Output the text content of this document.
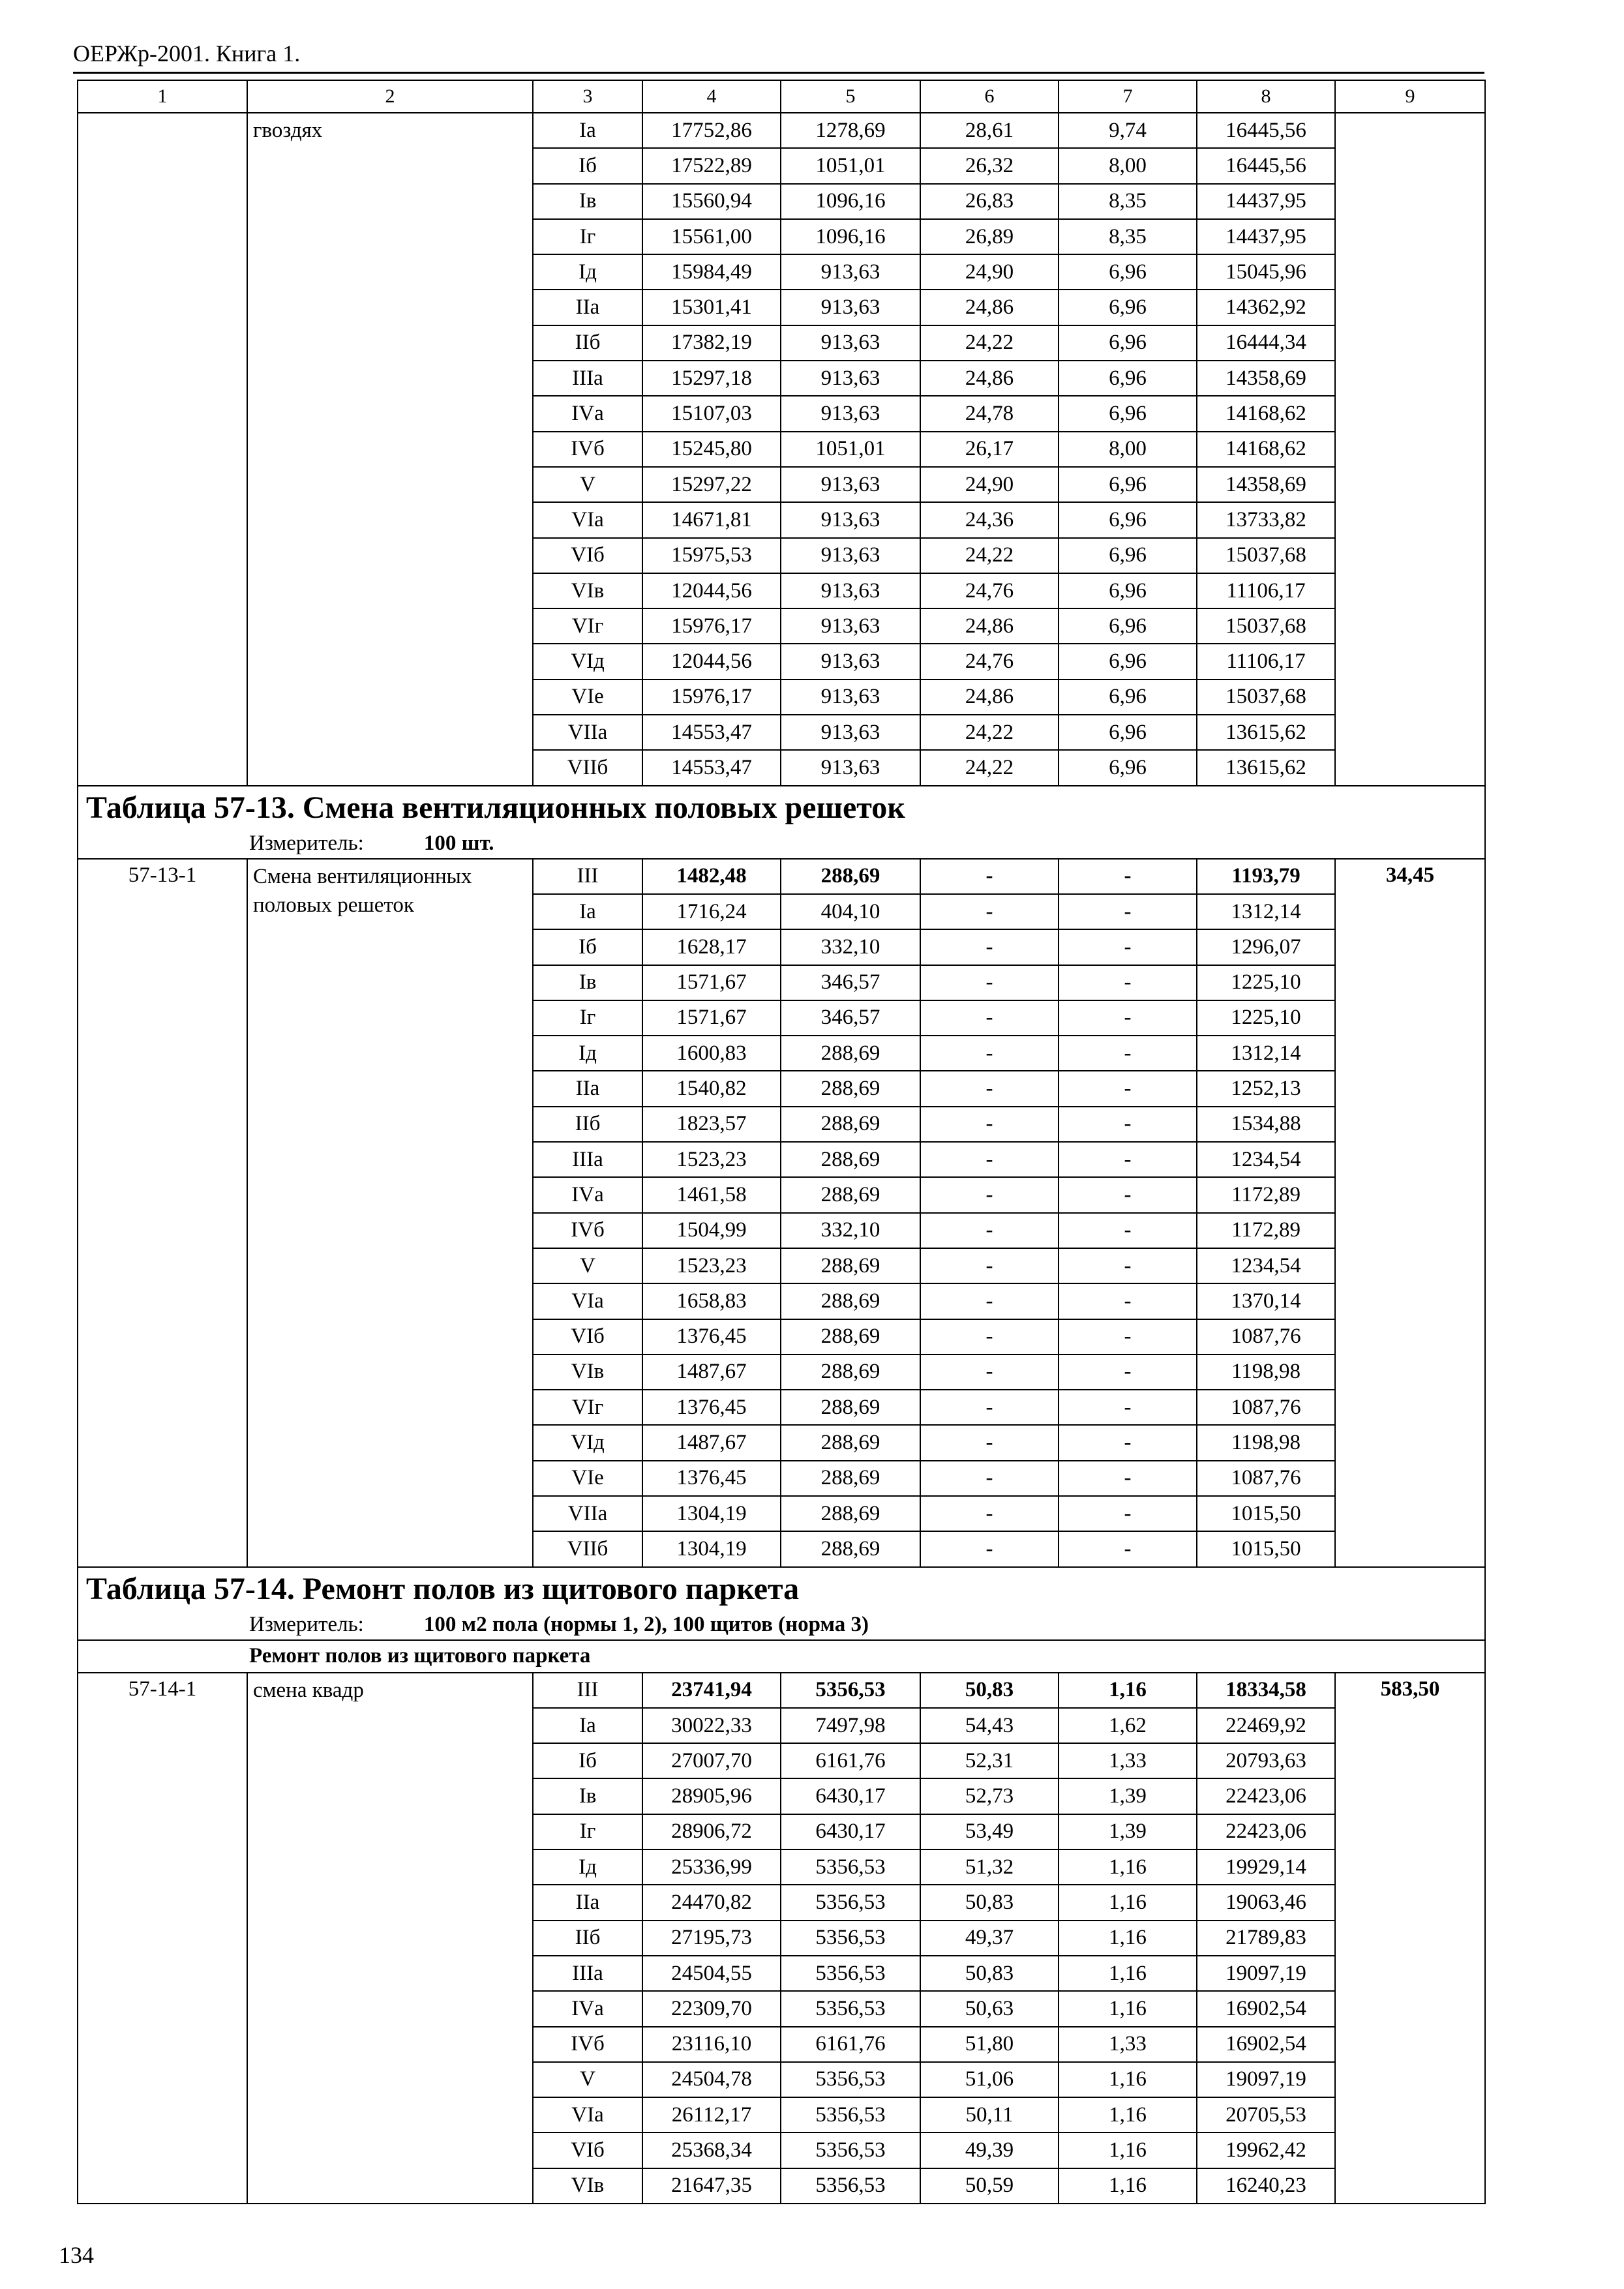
ОЕРЖр-2001. Книга 1.
1	2	3	4	5	6	7	8	9
	гвоздях	Iа	17752,86	1278,69	28,61	9,74	16445,56	
		Iб	17522,89	1051,01	26,32	8,00	16445,56	
		Iв	15560,94	1096,16	26,83	8,35	14437,95	
		Iг	15561,00	1096,16	26,89	8,35	14437,95	
		Iд	15984,49	913,63	24,90	6,96	15045,96	
		IIа	15301,41	913,63	24,86	6,96	14362,92	
		IIб	17382,19	913,63	24,22	6,96	16444,34	
		IIIа	15297,18	913,63	24,86	6,96	14358,69	
		IVа	15107,03	913,63	24,78	6,96	14168,62	
		IVб	15245,80	1051,01	26,17	8,00	14168,62	
		V	15297,22	913,63	24,90	6,96	14358,69	
		VIа	14671,81	913,63	24,36	6,96	13733,82	
		VIб	15975,53	913,63	24,22	6,96	15037,68	
		VIв	12044,56	913,63	24,76	6,96	11106,17	
		VIг	15976,17	913,63	24,86	6,96	15037,68	
		VIд	12044,56	913,63	24,76	6,96	11106,17	
		VIе	15976,17	913,63	24,86	6,96	15037,68	
		VIIа	14553,47	913,63	24,22	6,96	13615,62	
		VIIб	14553,47	913,63	24,22	6,96	13615,62	
Таблица 57-13. Смена вентиляционных половых решеток								
Измеритель: 100 шт.								
57-13-1	Смена вентиляционных половых решеток	III	1482,48	288,69	-	-	1193,79	34,45
		Iа	1716,24	404,10	-	-	1312,14	
		Iб	1628,17	332,10	-	-	1296,07	
		Iв	1571,67	346,57	-	-	1225,10	
		Iг	1571,67	346,57	-	-	1225,10	
		Iд	1600,83	288,69	-	-	1312,14	
		IIа	1540,82	288,69	-	-	1252,13	
		IIб	1823,57	288,69	-	-	1534,88	
		IIIа	1523,23	288,69	-	-	1234,54	
		IVа	1461,58	288,69	-	-	1172,89	
		IVб	1504,99	332,10	-	-	1172,89	
		V	1523,23	288,69	-	-	1234,54	
		VIа	1658,83	288,69	-	-	1370,14	
		VIб	1376,45	288,69	-	-	1087,76	
		VIв	1487,67	288,69	-	-	1198,98	
		VIг	1376,45	288,69	-	-	1087,76	
		VIд	1487,67	288,69	-	-	1198,98	
		VIе	1376,45	288,69	-	-	1087,76	
		VIIа	1304,19	288,69	-	-	1015,50	
		VIIб	1304,19	288,69	-	-	1015,50	
Таблица 57-14. Ремонт полов из щитового паркета								
Измеритель: 100 м2 пола (нормы 1, 2), 100 щитов (норма 3)								
Ремонт полов из щитового паркета								
57-14-1	смена квадр	III	23741,94	5356,53	50,83	1,16	18334,58	583,50
		Iа	30022,33	7497,98	54,43	1,62	22469,92	
		Iб	27007,70	6161,76	52,31	1,33	20793,63	
		Iв	28905,96	6430,17	52,73	1,39	22423,06	
		Iг	28906,72	6430,17	53,49	1,39	22423,06	
		Iд	25336,99	5356,53	51,32	1,16	19929,14	
		IIа	24470,82	5356,53	50,83	1,16	19063,46	
		IIб	27195,73	5356,53	49,37	1,16	21789,83	
		IIIа	24504,55	5356,53	50,83	1,16	19097,19	
		IVа	22309,70	5356,53	50,63	1,16	16902,54	
		IVб	23116,10	6161,76	51,80	1,33	16902,54	
		V	24504,78	5356,53	51,06	1,16	19097,19	
		VIа	26112,17	5356,53	50,11	1,16	20705,53	
		VIб	25368,34	5356,53	49,39	1,16	19962,42	
		VIв	21647,35	5356,53	50,59	1,16	16240,23	
134
